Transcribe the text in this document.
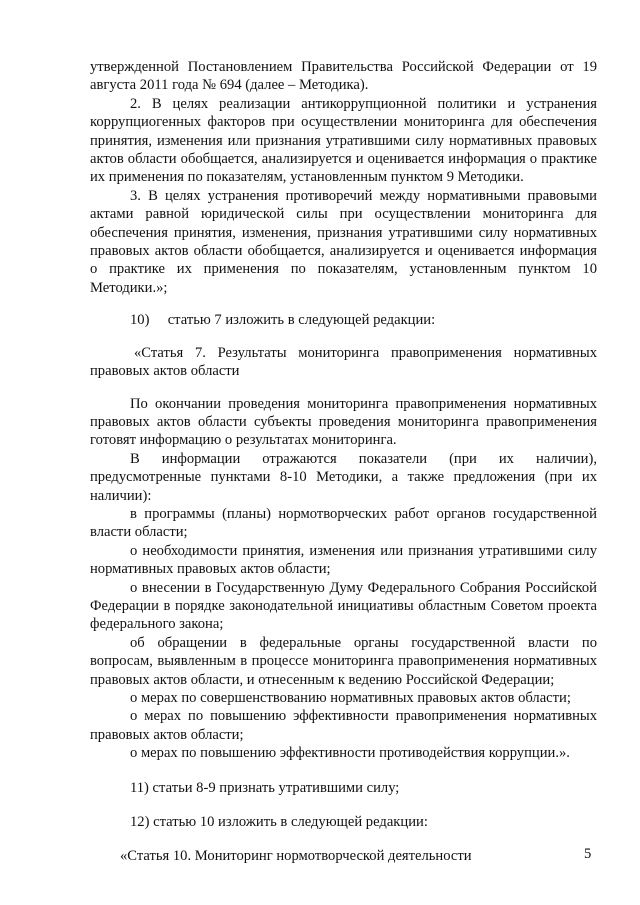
утвержденной Постановлением Правительства Российской Федерации от 19 августа 2011 года № 694 (далее – Методика).

2. В целях реализации антикоррупционной политики и устранения коррупциогенных факторов при осуществлении мониторинга для обеспечения принятия, изменения или признания утратившими силу нормативных правовых актов области обобщается, анализируется и оценивается информация о практике их применения по показателям, установленным пунктом 9 Методики.

3. В целях устранения противоречий между нормативными правовыми актами равной юридической силы при осуществлении мониторинга для обеспечения принятия, изменения, признания утратившими силу нормативных правовых актов области обобщается, анализируется и оценивается информация о практике их применения по показателям, установленным пунктом 10 Методики.»;

10)     статью 7 изложить в следующей редакции:

«Статья 7. Результаты мониторинга правоприменения нормативных правовых актов области

По окончании проведения мониторинга правоприменения нормативных правовых актов области субъекты проведения мониторинга правоприменения готовят информацию о результатах мониторинга.

В информации отражаются показатели (при их наличии), предусмотренные пунктами 8-10 Методики, а также предложения (при их наличии):

в программы (планы) нормотворческих работ органов государственной власти области;

о необходимости принятия, изменения или признания утратившими силу нормативных правовых актов области;

о внесении в Государственную Думу Федерального Собрания Российской Федерации в порядке законодательной инициативы областным Советом проекта федерального закона;

об обращении в федеральные органы государственной власти по вопросам, выявленным в процессе мониторинга правоприменения нормативных правовых актов области, и отнесенным к ведению Российской Федерации;

о мерах по совершенствованию нормативных правовых актов области;

о мерах по повышению эффективности правоприменения нормативных правовых актов области;

о мерах по повышению эффективности противодействия коррупции.».

11) статьи 8-9 признать утратившими силу;

12) статью 10 изложить в следующей редакции:

«Статья 10. Мониторинг нормотворческой деятельности	5
